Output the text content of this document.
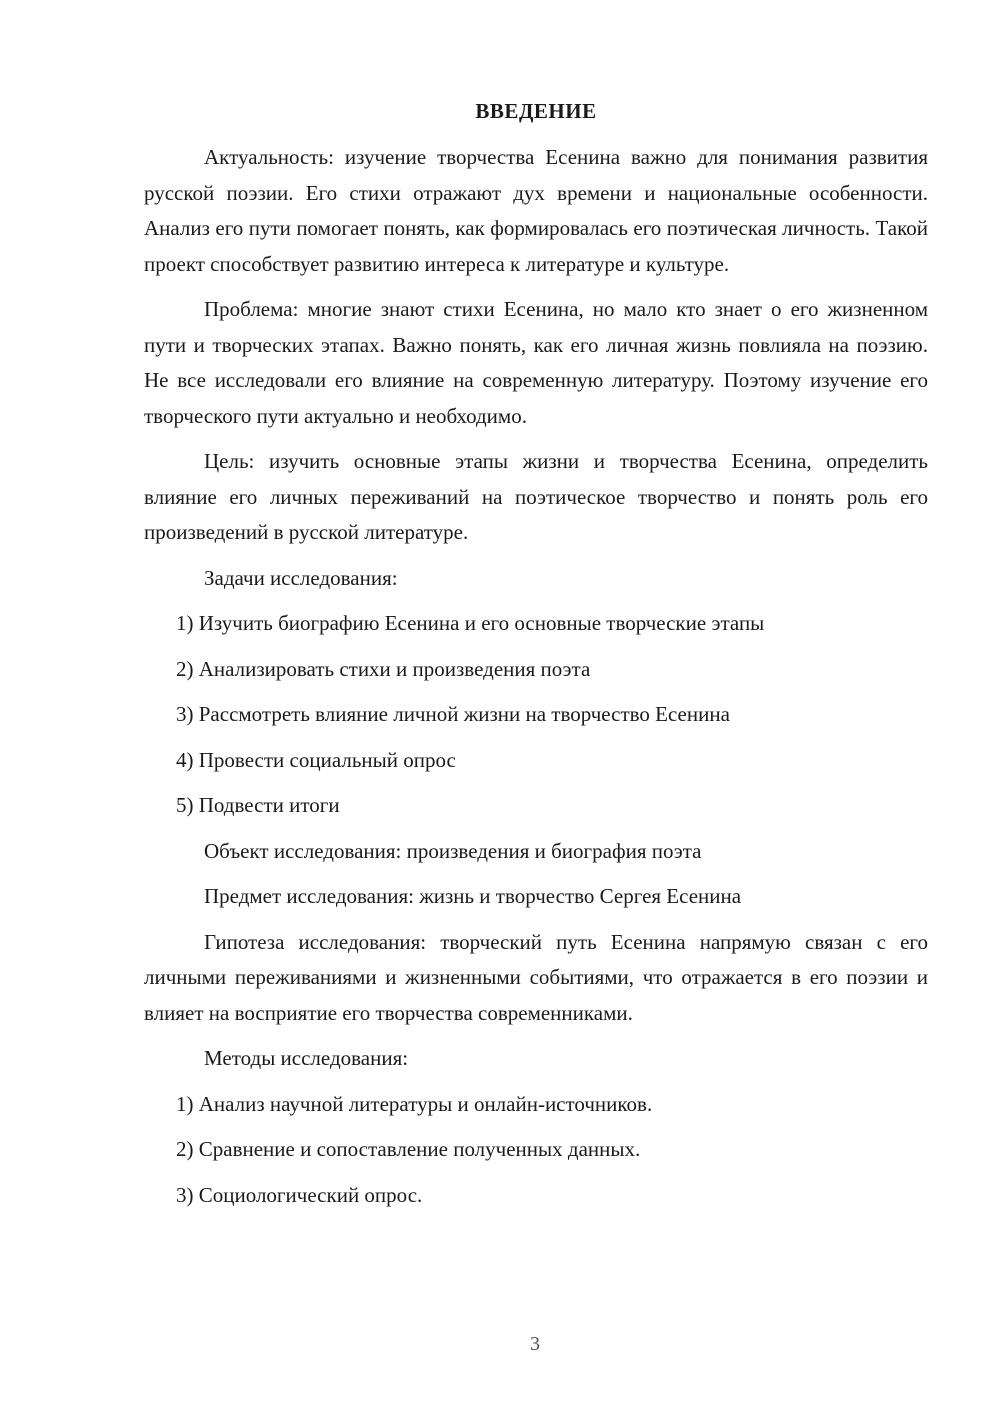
ВВЕДЕНИЕ

Актуальность: изучение творчества Есенина важно для понимания развития русской поэзии. Его стихи отражают дух времени и национальные особенности. Анализ его пути помогает понять, как формировалась его поэтическая личность. Такой проект способствует развитию интереса к литературе и культуре.

Проблема: многие знают стихи Есенина, но мало кто знает о его жизненном пути и творческих этапах. Важно понять, как его личная жизнь повлияла на поэзию. Не все исследовали его влияние на современную литературу. Поэтому изучение его творческого пути актуально и необходимо.

Цель: изучить основные этапы жизни и творчества Есенина, определить влияние его личных переживаний на поэтическое творчество и понять роль его произведений в русской литературе.

Задачи исследования:

1) Изучить биографию Есенина и его основные творческие этапы

2) Анализировать стихи и произведения поэта

3) Рассмотреть влияние личной жизни на творчество Есенина

4) Провести социальный опрос

5) Подвести итоги

Объект исследования: произведения и биография поэта

Предмет исследования: жизнь и творчество Сергея Есенина

Гипотеза исследования: творческий путь Есенина напрямую связан с его личными переживаниями и жизненными событиями, что отражается в его поэзии и влияет на восприятие его творчества современниками.

Методы исследования:

1) Анализ научной литературы и онлайн-источников.

2) Сравнение и сопоставление полученных данных.

3) Социологический опрос.

3
